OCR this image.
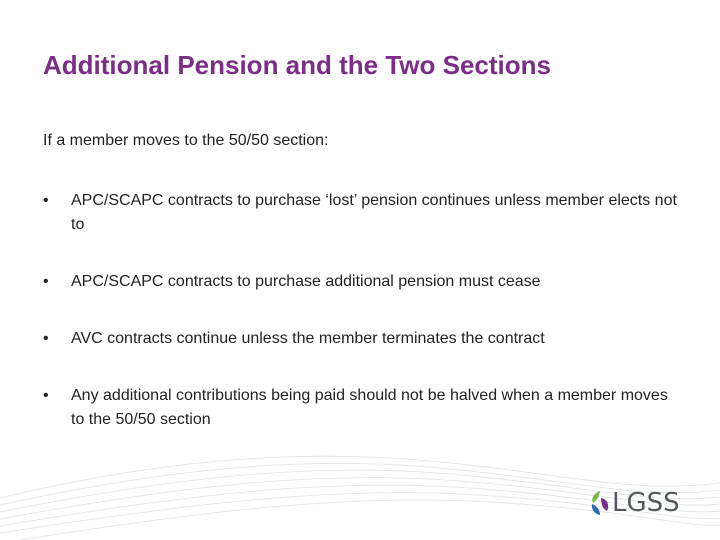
Additional Pension and the Two Sections

If a member moves to the 50/50 section:

•	APC/SCAPC contracts to purchase ‘lost’ pension continues unless member elects not to
•	APC/SCAPC contracts to purchase additional pension must cease
•	AVC contracts continue unless the member terminates the contract
•	Any additional contributions being paid should not be halved when a member moves to the 50/50 section
LGSS
